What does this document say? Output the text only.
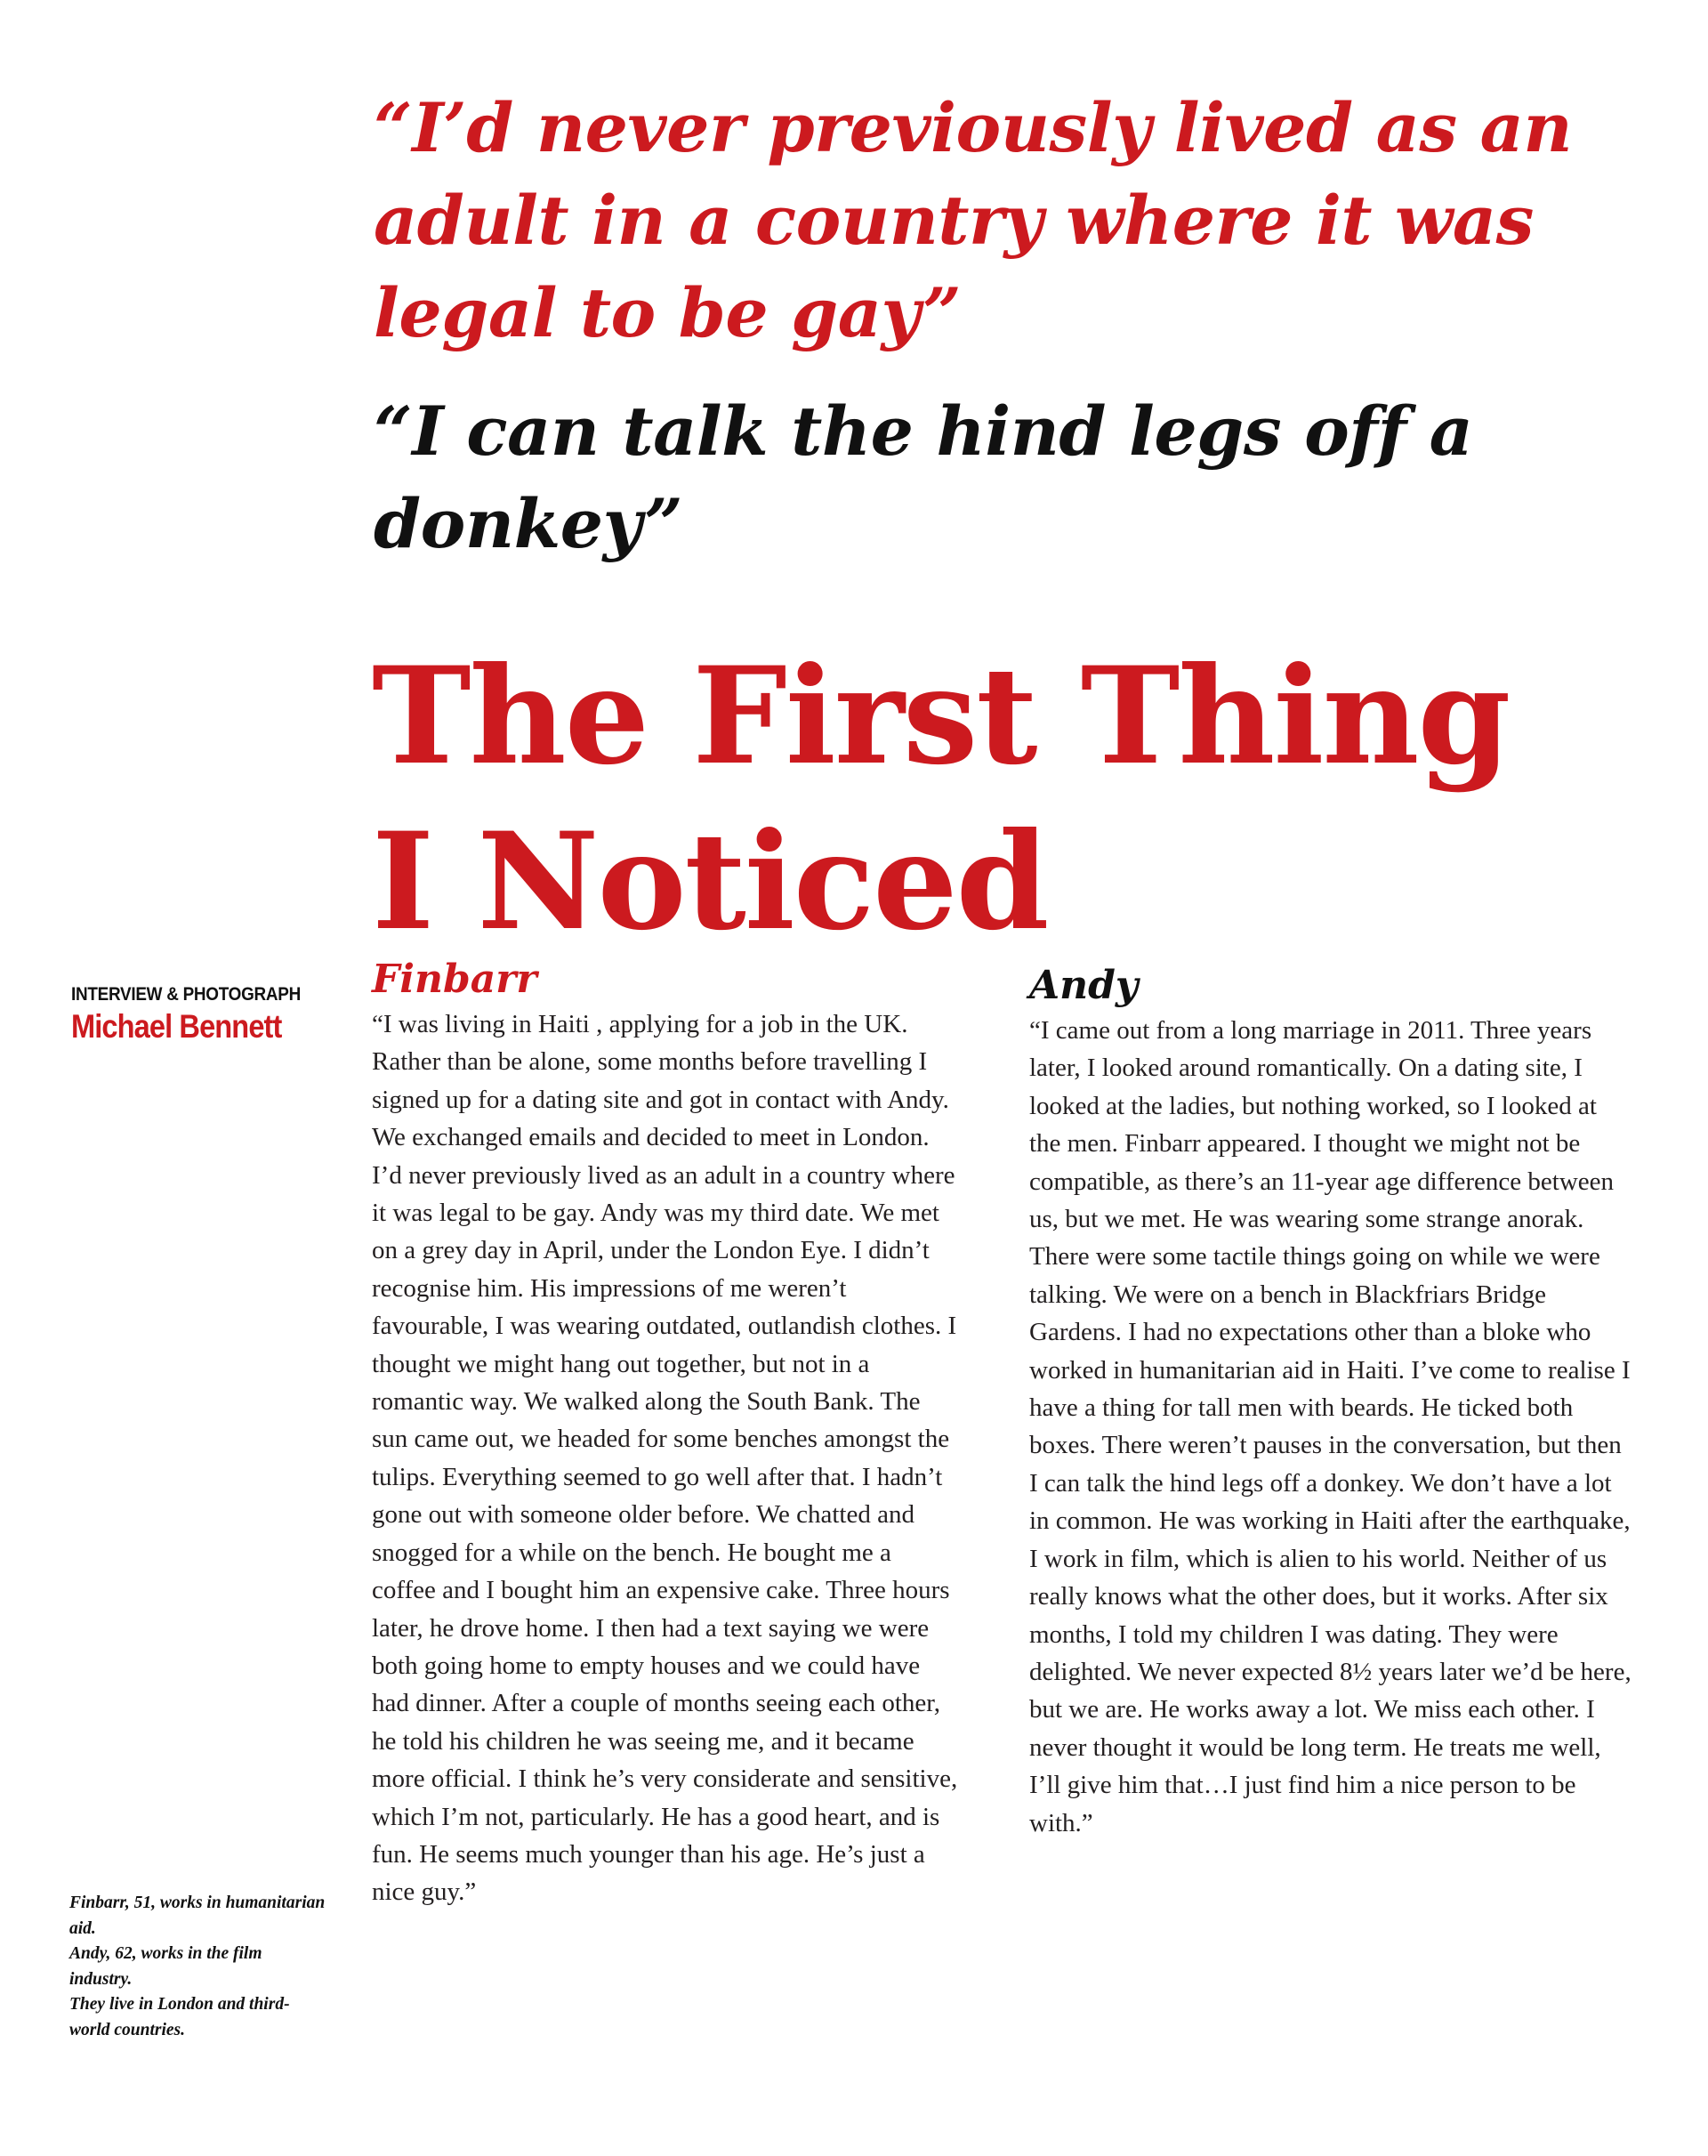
“I’d never previously lived as an adult in a country where it was legal to be gay”
“I can talk the hind legs off a donkey”
The First Thing
I Noticed
INTERVIEW & PHOTOGRAPH
Michael Bennett
Finbarr, 51, works in humanitarian aid.
Andy, 62, works in the film industry.
They live in London and third-world countries.
Finbarr

“I was living in Haiti , applying for a job in the UK. Rather than be alone, some months before travelling I signed up for a dating site and got in contact with Andy. We exchanged emails and decided to meet in London. I’d never previously lived as an adult in a country where it was legal to be gay. Andy was my third date. We met on a grey day in April, under the London Eye. I didn’t recognise him. His impressions of me weren’t favourable, I was wearing outdated, outlandish clothes. I thought we might hang out together, but not in a romantic way. We walked along the South Bank. The sun came out, we headed for some benches amongst the tulips. Everything seemed to go well after that. I hadn’t gone out with someone older before. We chatted and snogged for a while on the bench. He bought me a coffee and I bought him an expensive cake. Three hours later, he drove home. I then had a text saying we were both going home to empty houses and we could have had dinner. After a couple of months seeing each other, he told his children he was seeing me, and it became more official. I think he’s very considerate and sensitive, which I’m not, particularly. He has a good heart, and is fun. He seems much younger than his age. He’s just a nice guy.”

Andy

“I came out from a long marriage in 2011. Three years later, I looked around romantically. On a dating site, I looked at the ladies, but nothing worked, so I looked at the men. Finbarr appeared. I thought we might not be compatible, as there’s an 11-year age difference between us, but we met. He was wearing some strange anorak. There were some tactile things going on while we were talking. We were on a bench in Blackfriars Bridge Gardens. I had no expectations other than a bloke who worked in humanitarian aid in Haiti. I’ve come to realise I have a thing for tall men with beards. He ticked both boxes. There weren’t pauses in the conversation, but then I can talk the hind legs off a donkey. We don’t have a lot in common. He was working in Haiti after the earthquake, I work in film, which is alien to his world. Neither of us really knows what the other does, but it works. After six months, I told my children I was dating. They were delighted. We never expected 8½ years later we’d be here, but we are. He works away a lot. We miss each other. I never thought it would be long term. He treats me well, I’ll give him that…I just find him a nice person to be with.”
